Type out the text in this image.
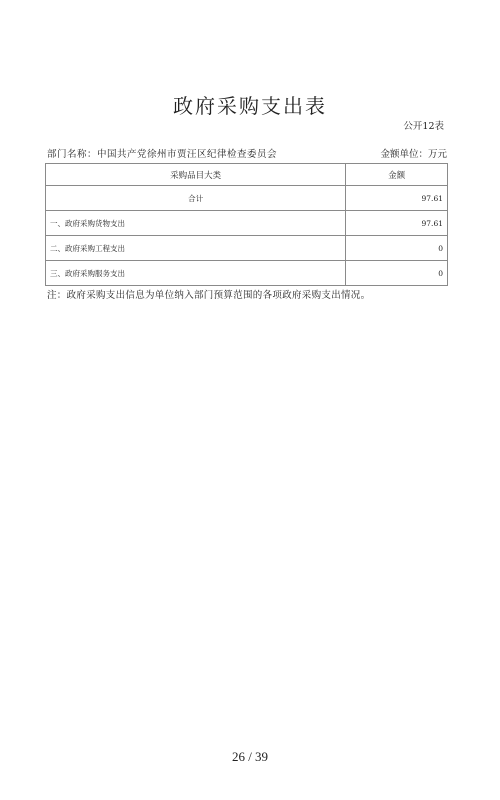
政府采购支出表
公开12表
部门名称：中国共产党徐州市贾汪区纪律检查委员会	金额单位：万元
采购品目大类	金额
合计	97.61
一、政府采购货物支出	97.61
二、政府采购工程支出	0
三、政府采购服务支出	0
注：政府采购支出信息为单位纳入部门预算范围的各项政府采购支出情况。
26 / 39
